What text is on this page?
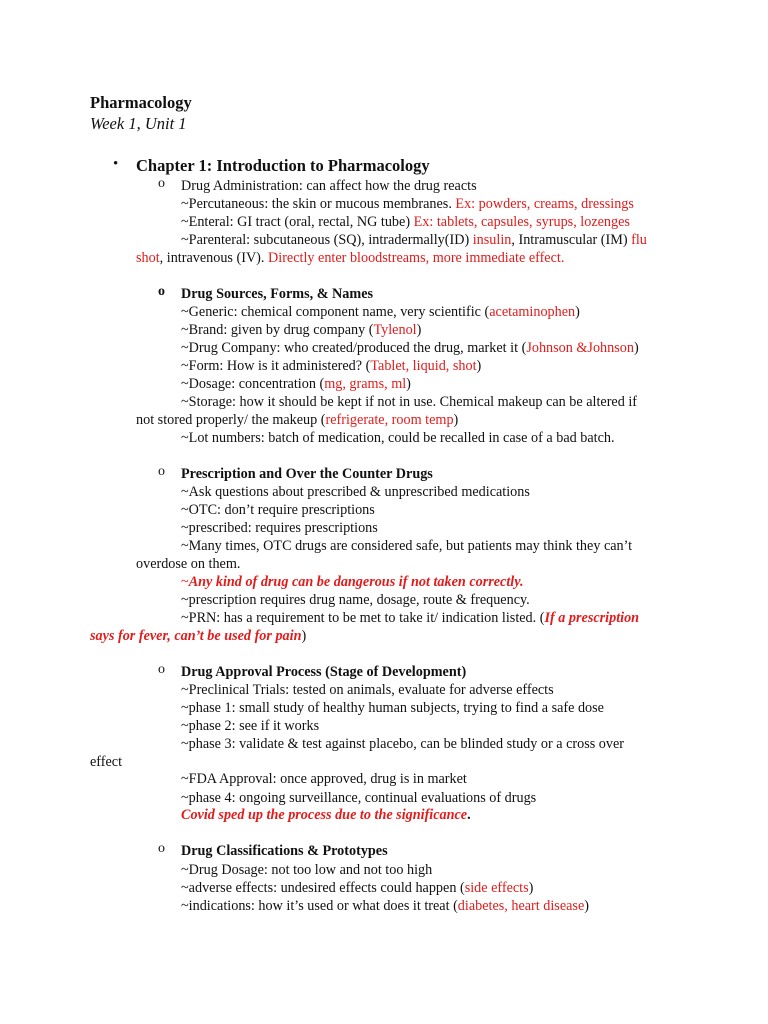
Pharmacology
Week 1, Unit 1
• Chapter 1: Introduction to Pharmacology
o Drug Administration: can affect how the drug reacts
~Percutaneous: the skin or mucous membranes. Ex: powders, creams, dressings
~Enteral: GI tract (oral, rectal, NG tube) Ex: tablets, capsules, syrups, lozenges
~Parenteral: subcutaneous (SQ), intradermally(ID) insulin, Intramuscular (IM) flu
shot, intravenous (IV). Directly enter bloodstreams, more immediate effect.
o Drug Sources, Forms, & Names
~Generic: chemical component name, very scientific (acetaminophen)
~Brand: given by drug company (Tylenol)
~Drug Company: who created/produced the drug, market it (Johnson &Johnson)
~Form: How is it administered? (Tablet, liquid, shot)
~Dosage: concentration (mg, grams, ml)
~Storage: how it should be kept if not in use. Chemical makeup can be altered if
not stored properly/ the makeup (refrigerate, room temp)
~Lot numbers: batch of medication, could be recalled in case of a bad batch.
o Prescription and Over the Counter Drugs
~Ask questions about prescribed & unprescribed medications
~OTC: don’t require prescriptions
~prescribed: requires prescriptions
~Many times, OTC drugs are considered safe, but patients may think they can’t
overdose on them.
~Any kind of drug can be dangerous if not taken correctly.
~prescription requires drug name, dosage, route & frequency.
~PRN: has a requirement to be met to take it/ indication listed. (If a prescription
says for fever, can’t be used for pain)
o Drug Approval Process (Stage of Development)
~Preclinical Trials: tested on animals, evaluate for adverse effects
~phase 1: small study of healthy human subjects, trying to find a safe dose
~phase 2: see if it works
~phase 3: validate & test against placebo, can be blinded study or a cross over
effect
~FDA Approval: once approved, drug is in market
~phase 4: ongoing surveillance, continual evaluations of drugs
Covid sped up the process due to the significance.
o Drug Classifications & Prototypes
~Drug Dosage: not too low and not too high
~adverse effects: undesired effects could happen (side effects)
~indications: how it’s used or what does it treat (diabetes, heart disease)
